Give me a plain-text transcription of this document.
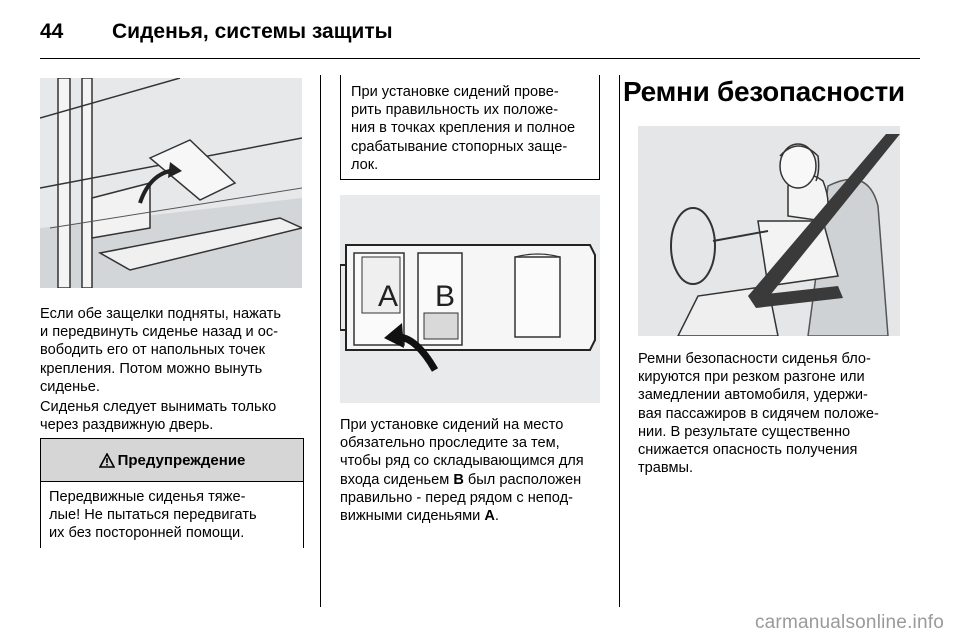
44 Сиденья, системы защиты
Если обе защелки подняты, нажать
и передвинуть сиденье назад и ос-
вободить его от напольных точек
крепления. Потом можно вынуть
сиденье.
Сиденья следует вынимать только
через раздвижную дверь.
Предупреждение
Передвижные сиденья тяже-
лые! Не пытаться передвигать
их без посторонней помощи.
При установке сидений прове-
рить правильность их положе-
ния в точках крепления и полное
срабатывание стопорных заще-
лок.
A B
При установке сидений на место
обязательно проследите за тем,
чтобы ряд со складывающимся для
входа сиденьем B был расположен
правильно - перед рядом с непод-
вижными сиденьями A.
Ремни безопасности
Ремни безопасности сиденья бло-
кируются при резком разгоне или
замедлении автомобиля, удержи-
вая пассажиров в сидячем положе-
нии. В результате существенно
снижается опасность получения
травмы.
carmanualsonline.info
